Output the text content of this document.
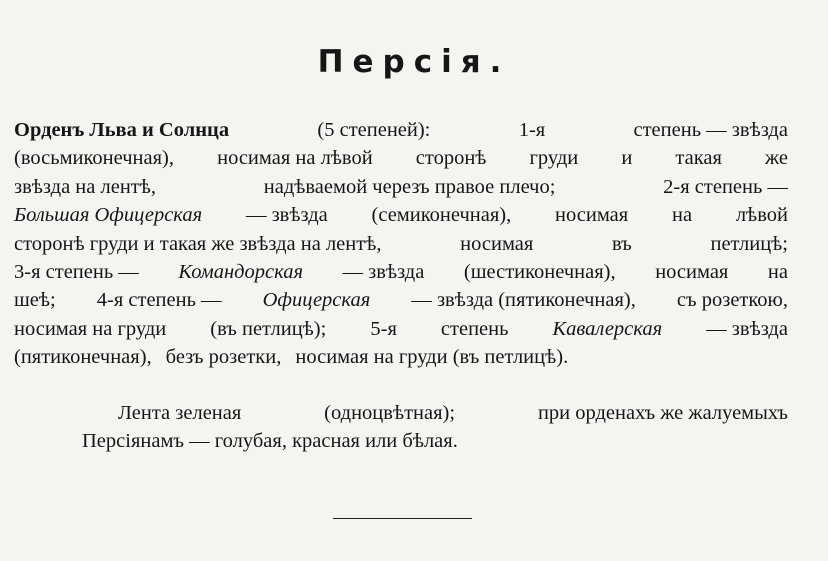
Персія.
Орденъ Льва и Солнца	(5 степеней):	1-я	степень — звѣзда
(восьмиконечная), носимая на лѣвой сторонѣ груди и такая же
звѣзда на лентѣ,	надѣваемой черезъ правое плечо;	2-я степень —
Большая Офицерская — звѣзда (семиконечная), носимая на лѣвой
сторонѣ груди и такая же звѣзда на лентѣ,	носимая	въ	петлицѣ;
3-я степень — Командорская — звѣзда (шестиконечная), носимая на
шеѣ; 4-я степень — Офицерская — звѣзда (пятиконечная), съ розеткою,
носимая на груди (въ петлицѣ); 5-я степень Кавалерская — звѣзда
(пятиконечная), безъ розетки, носимая на груди (въ петлицѣ).
Лента зеленая	(одноцвѣтная);	при орденахъ же жалуемыхъ
Персіянамъ — голубая, красная или бѣлая.
